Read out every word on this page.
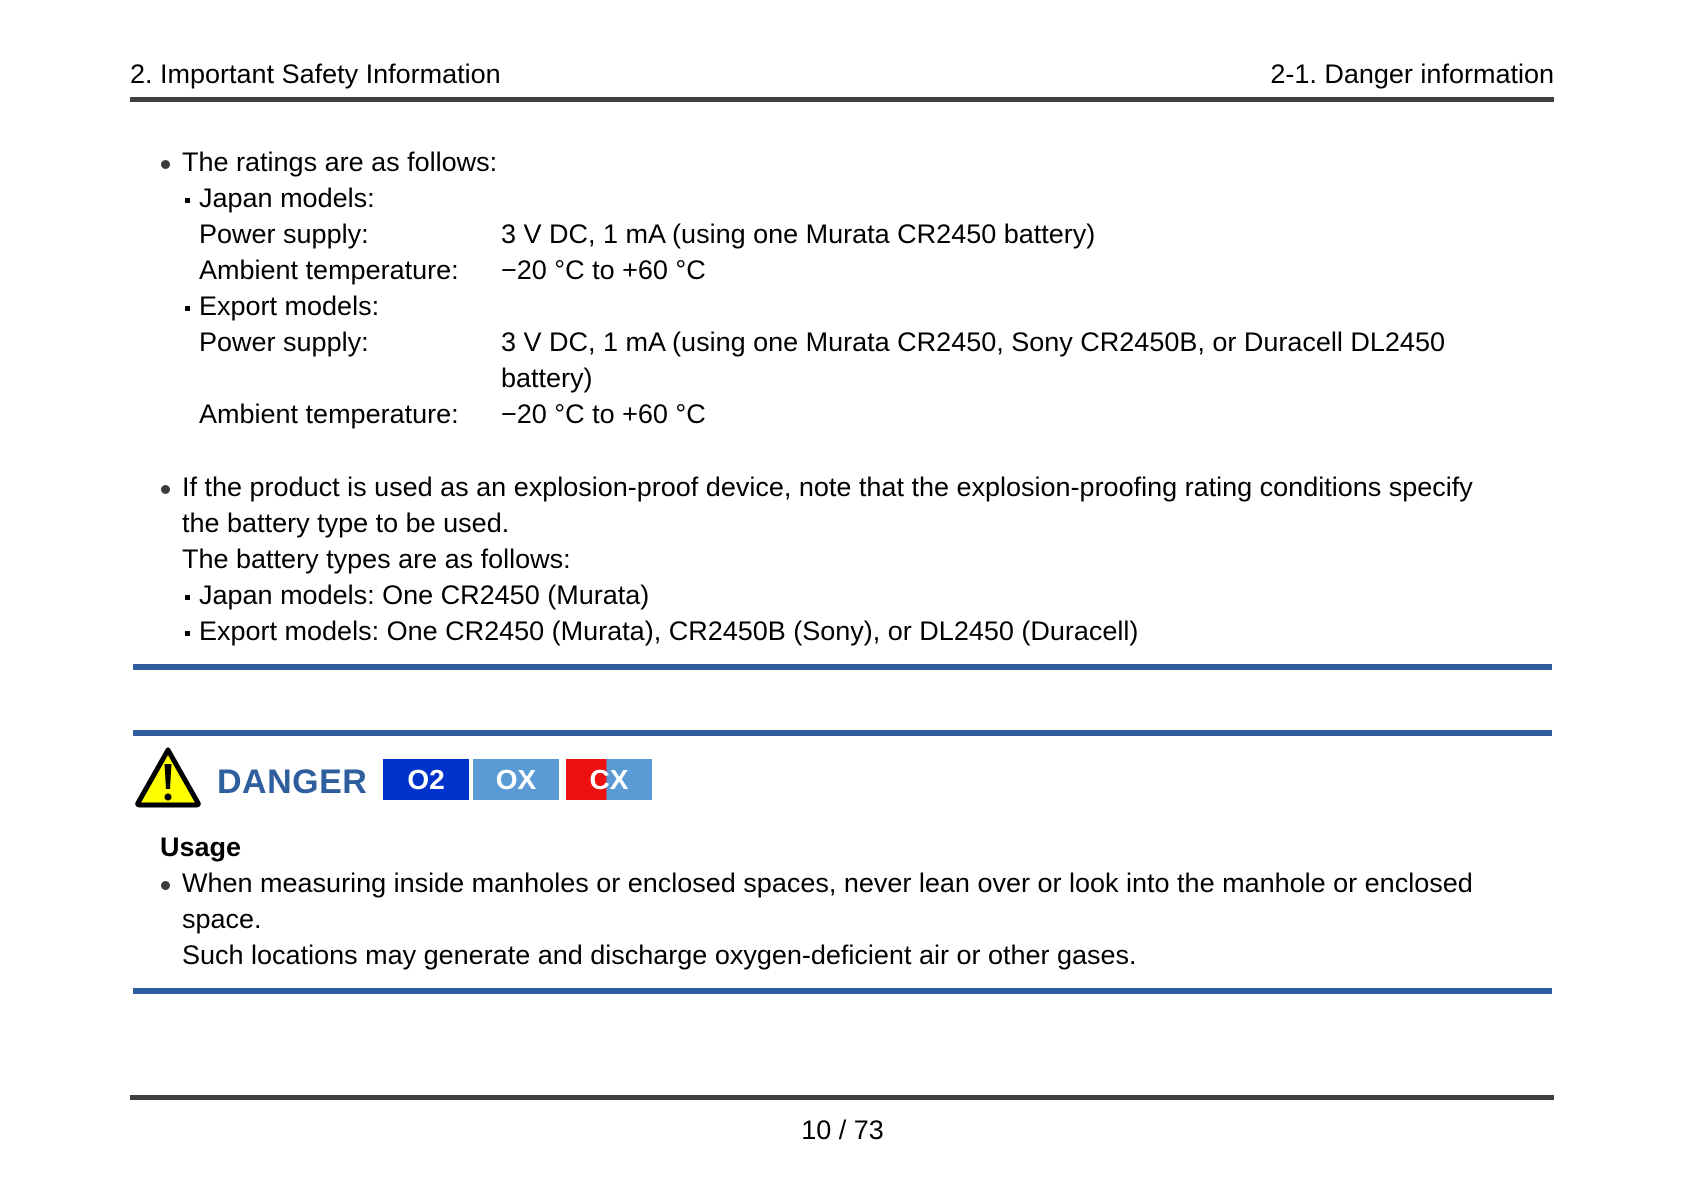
2. Important Safety Information	2-1. Danger information
The ratings are as follows:
Japan models:
Power supply:	3 V DC, 1 mA (using one Murata CR2450 battery)
Ambient temperature: −20 °C to +60 °C
Export models:
Power supply:	3 V DC, 1 mA (using one Murata CR2450, Sony CR2450B, or Duracell DL2450
battery)
Ambient temperature: −20 °C to +60 °C
If the product is used as an explosion-proof device, note that the explosion-proofing rating conditions specify
the battery type to be used.
The battery types are as follows:
Japan models: One CR2450 (Murata)
Export models: One CR2450 (Murata), CR2450B (Sony), or DL2450 (Duracell)
DANGER	O2	OX	CX
Usage
When measuring inside manholes or enclosed spaces, never lean over or look into the manhole or enclosed
space.
Such locations may generate and discharge oxygen-deficient air or other gases.
10 / 73
